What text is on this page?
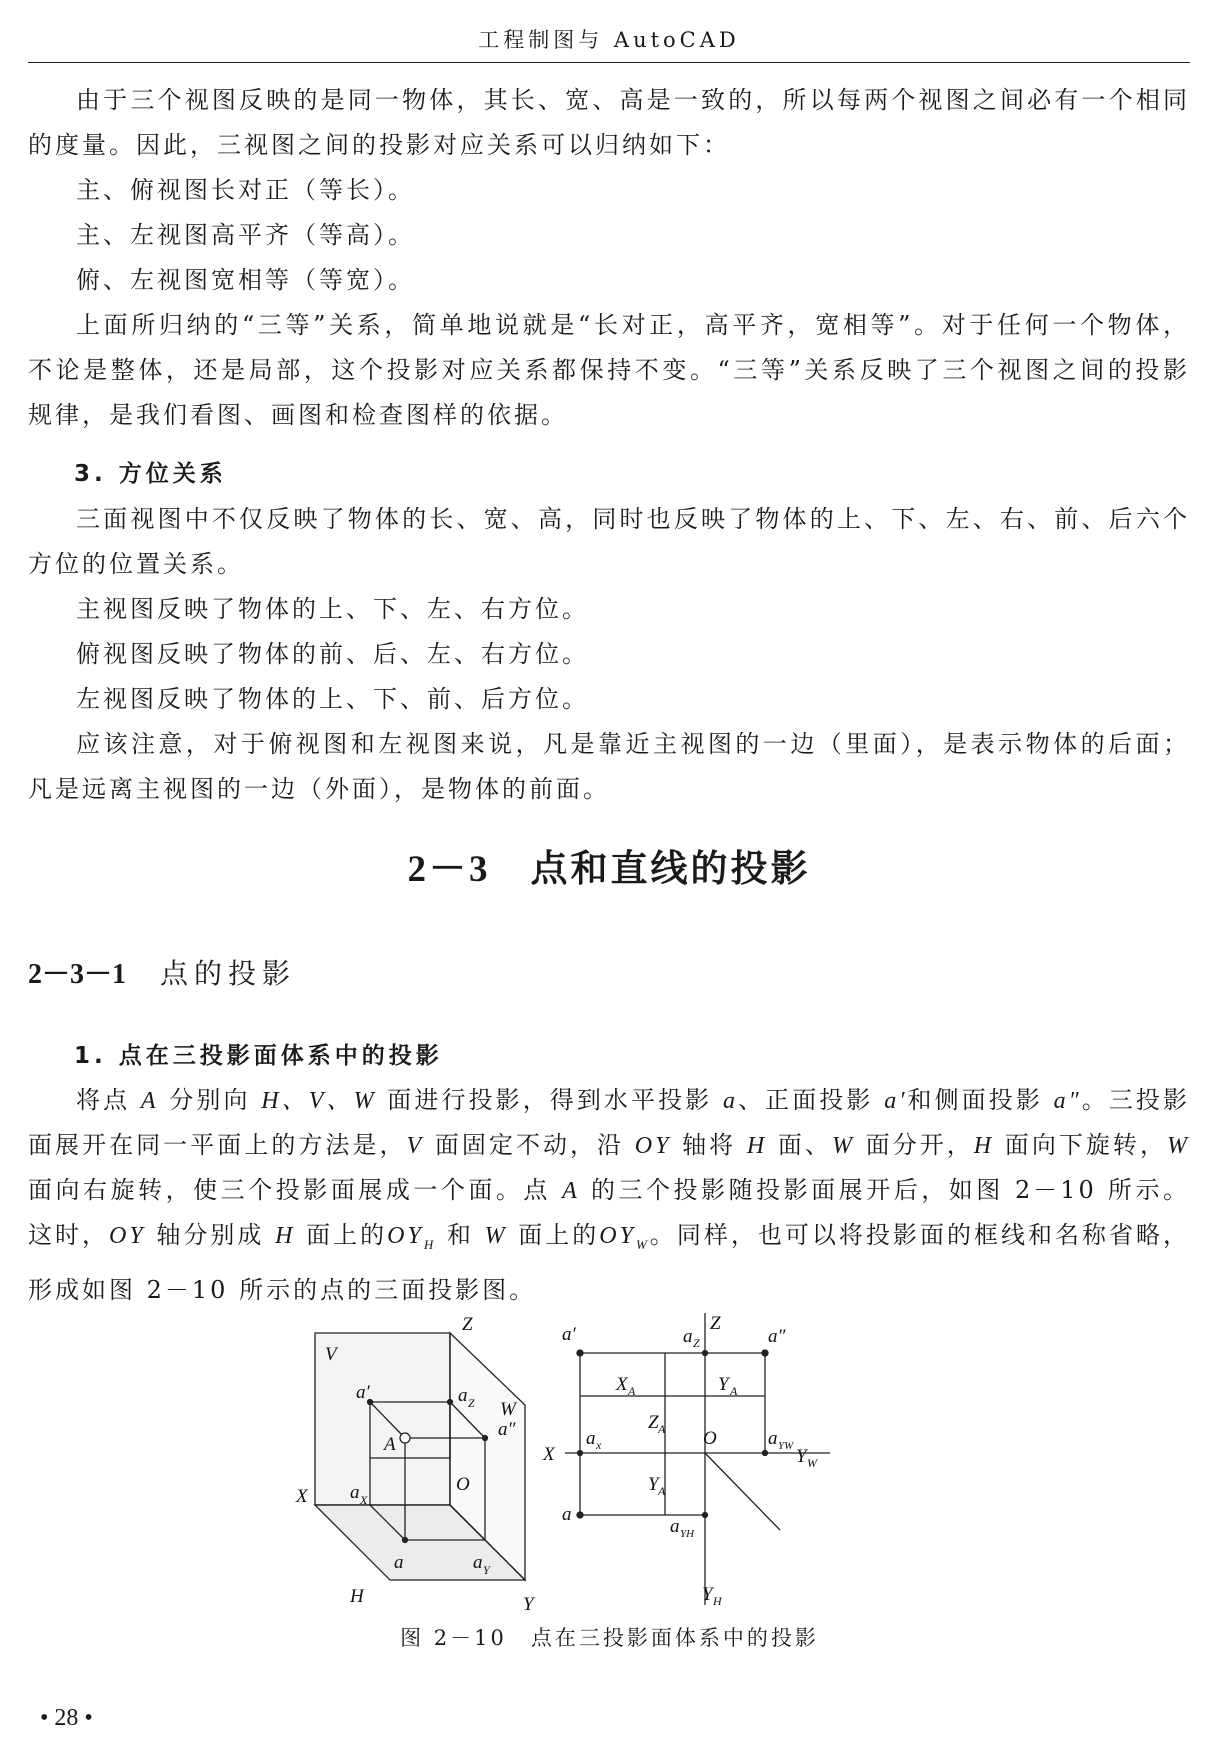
工程制图与 AutoCAD

由于三个视图反映的是同一物体，其长、宽、高是一致的，所以每两个视图之间必有一个相同的度量。因此，三视图之间的投影对应关系可以归纳如下：

主、俯视图长对正（等长）。

主、左视图高平齐（等高）。

俯、左视图宽相等（等宽）。

上面所归纳的“三等”关系，简单地说就是“长对正，高平齐，宽相等”。对于任何一个物体，不论是整体，还是局部，这个投影对应关系都保持不变。“三等”关系反映了三个视图之间的投影规律，是我们看图、画图和检查图样的依据。

3. 方位关系

三面视图中不仅反映了物体的长、宽、高，同时也反映了物体的上、下、左、右、前、后六个方位的位置关系。

主视图反映了物体的上、下、左、右方位。

俯视图反映了物体的前、后、左、右方位。

左视图反映了物体的上、下、前、后方位。

应该注意，对于俯视图和左视图来说，凡是靠近主视图的一边（里面），是表示物体的后面；凡是远离主视图的一边（外面），是物体的前面。

2－3 点和直线的投影
2－3－1 点的投影

1. 点在三投影面体系中的投影

将点 A 分别向 H、V、W 面进行投影，得到水平投影 a、正面投影 a′和侧面投影 a″。三投影面展开在同一平面上的方法是，V 面固定不动，沿 OY 轴将 H 面、W 面分开，H 面向下旋转，W 面向右旋转，使三个投影面展成一个面。点 A 的三个投影随投影面展开后，如图 2－10 所示。这时，OY 轴分别成 H 面上的$OY_H$ 和 W 面上的$OY_W$。同样，也可以将投影面的框线和名称省略，形成如图 2－10 所示的点的三面投影图。

Z
V
W
X
H	Y
O
A
a
a′
a″
a Z
a X
a Y
Z
X
O
a′	a″
a
a Z
a x	a YW
a YH
Y W
Y H
X A	Y A
Z A
Y A
图 2－10　点在三投影面体系中的投影
• 28 •
